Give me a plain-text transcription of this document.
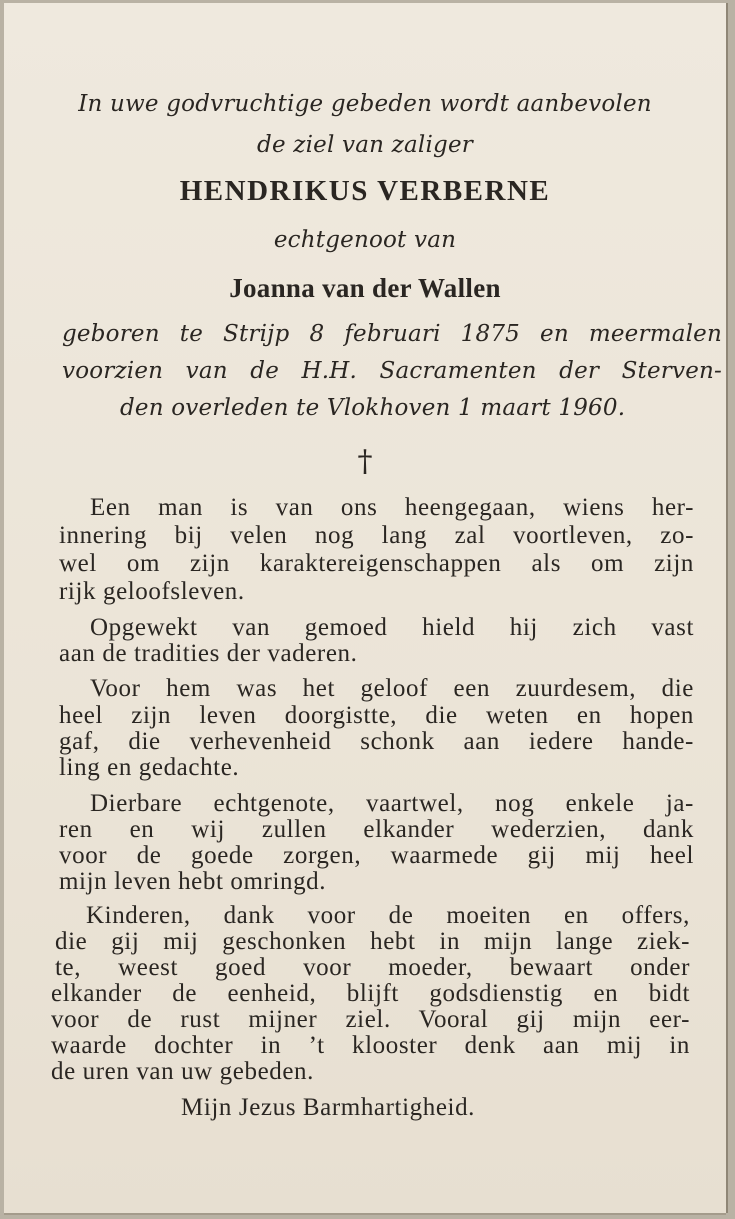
In uwe godvruchtige gebeden wordt aanbevolen
de ziel van zaliger
HENDRIKUS VERBERNE
echtgenoot van
Joanna van der Wallen
geboren te Strijp 8 februari 1875 en meermalen
voorzien van de H.H. Sacramenten der Sterven-
den overleden te Vlokhoven 1 maart 1960.
†
Een man is van ons heengegaan, wiens her-
innering bij velen nog lang zal voortleven, zo-
wel om zijn karaktereigenschappen als om zijn
rijk geloofsleven.
Opgewekt van gemoed hield hij zich vast
aan de tradities der vaderen.
Voor hem was het geloof een zuurdesem, die
heel zijn leven doorgistte, die weten en hopen
gaf, die verhevenheid schonk aan iedere hande-
ling en gedachte.
Dierbare echtgenote, vaartwel, nog enkele ja-
ren en wij zullen elkander wederzien, dank
voor de goede zorgen, waarmede gij mij heel
mijn leven hebt omringd.
Kinderen, dank voor de moeiten en offers,
die gij mij geschonken hebt in mijn lange ziek-
te, weest goed voor moeder, bewaart onder
elkander de eenheid, blijft godsdienstig en bidt
voor de rust mijner ziel. Vooral gij mijn eer-
waarde dochter in ’t klooster denk aan mij in
de uren van uw gebeden.
Mijn Jezus Barmhartigheid.
